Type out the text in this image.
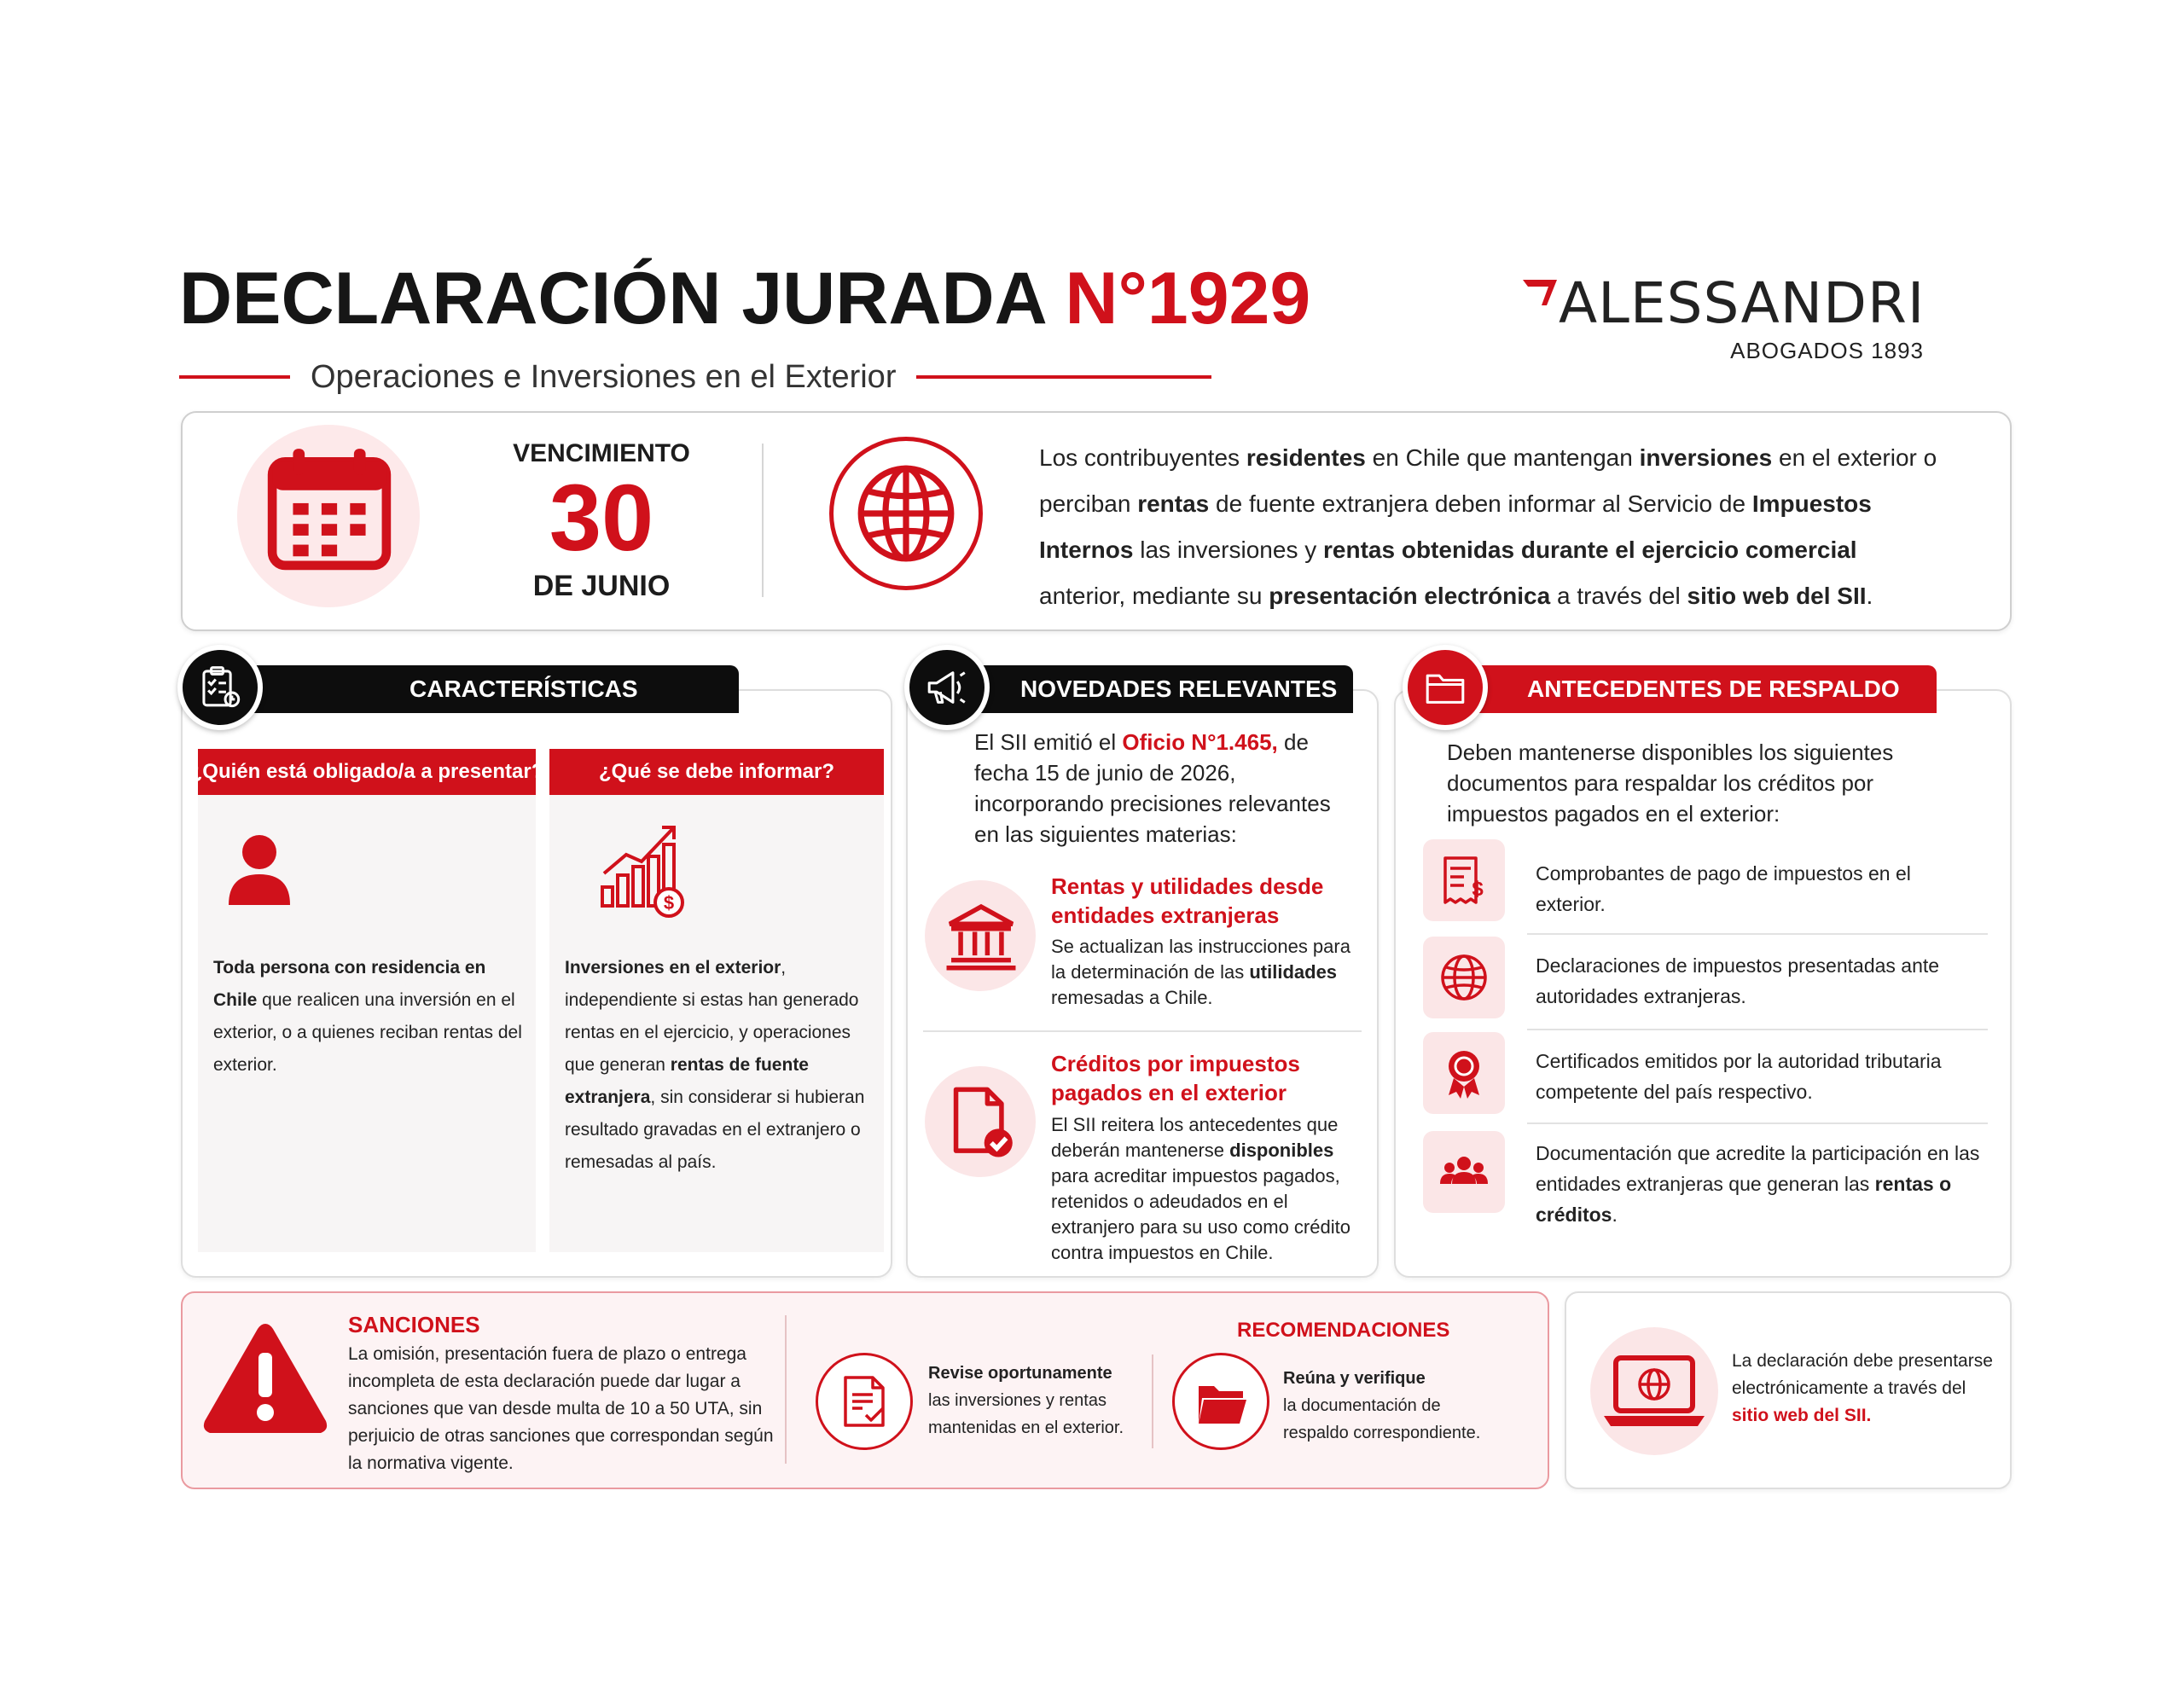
DECLARACIÓN JURADA N°1929
Operaciones e Inversiones en el Exterior
ALESSANDRI
ABOGADOS 1893
VENCIMIENTO
30
DE JUNIO
Los contribuyentes residentes en Chile que mantengan inversiones en el exterior o perciban rentas de fuente extranjera deben informar al Servicio de Impuestos Internos las inversiones y rentas obtenidas durante el ejercicio comercial anterior, mediante su presentación electrónica a través del sitio web del SII.
CARACTERÍSTICAS
¿Quién está obligado/a a presentar?
Toda persona con residencia en Chile que realicen una inversión en el exterior, o a quienes reciban rentas del exterior.
¿Qué se debe informar?
$
Inversiones en el exterior, independiente si estas han generado rentas en el ejercicio, y operaciones que generan rentas de fuente extranjera, sin considerar si hubieran resultado gravadas en el extranjero o remesadas al país.
NOVEDADES RELEVANTES
El SII emitió el Oficio N°1.465, de fecha 15 de junio de 2026, incorporando precisiones relevantes en las siguientes materias:
Rentas y utilidades desde entidades extranjeras
Se actualizan las instrucciones para la determinación de las utilidades remesadas a Chile.
Créditos por impuestos pagados en el exterior
El SII reitera los antecedentes que deberán mantenerse disponibles para acreditar impuestos pagados, retenidos o adeudados en el extranjero para su uso como crédito contra impuestos en Chile.
ANTECEDENTES DE RESPALDO
Deben mantenerse disponibles los siguientes documentos para respaldar los créditos por impuestos pagados en el exterior:
$
Comprobantes de pago de impuestos en el exterior.
Declaraciones de impuestos presentadas ante autoridades extranjeras.
Certificados emitidos por la autoridad tributaria competente del país respectivo.
Documentación que acredite la participación en las entidades extranjeras que generan las rentas o créditos.
SANCIONES
La omisión, presentación fuera de plazo o entrega incompleta de esta declaración puede dar lugar a sanciones que van desde multa de 10 a 50 UTA, sin perjuicio de otras sanciones que correspondan según la normativa vigente.
RECOMENDACIONES
Revise oportunamente
las inversiones y rentas mantenidas en el exterior.
Reúna y verifique
la documentación de respaldo correspondiente.
La declaración debe presentarse electrónicamente a través del sitio web del SII.
